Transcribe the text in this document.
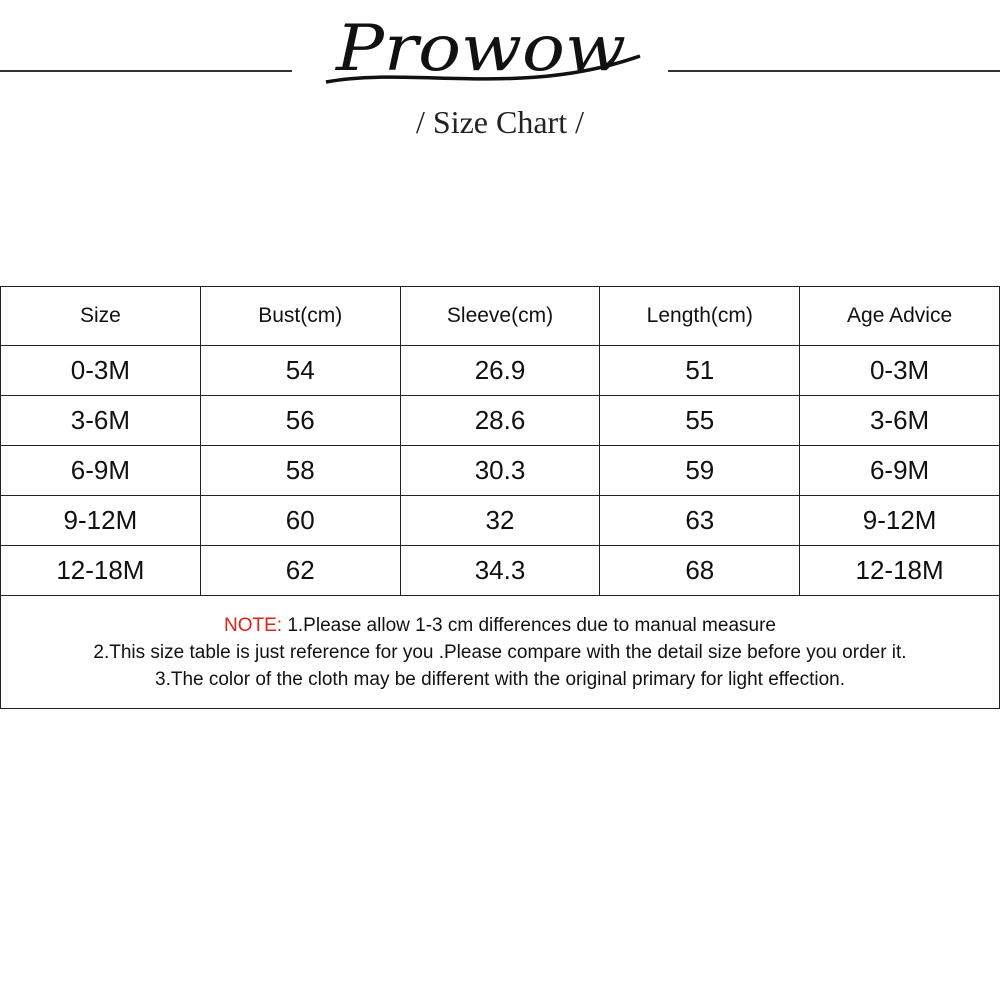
Prowow
/ Size Chart /
Size	Bust(cm)	Sleeve(cm)	Length(cm)	Age Advice
0-3M	54	26.9	51	0-3M
3-6M	56	28.6	55	3-6M
6-9M	58	30.3	59	6-9M
9-12M	60	32	63	9-12M
12-18M	62	34.3	68	12-18M

NOTE: 1.Please allow 1-3 cm differences due to manual measure
2.This size table is just reference for you .Please compare with the detail size before you order it.
3.The color of the cloth may be different with the original primary for light effection.				
